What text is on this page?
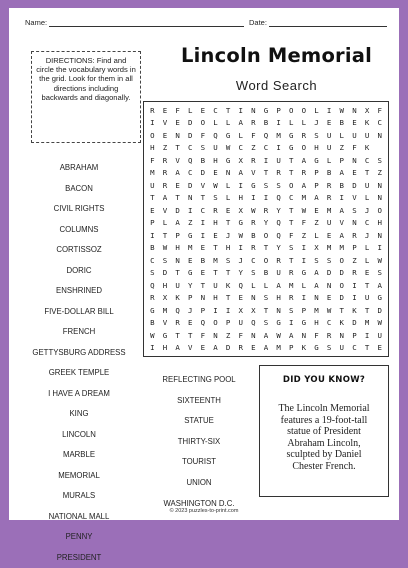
Name:	Date:
DIRECTIONS: Find and circle the vocabulary words in the grid. Look for them in all directions including backwards and diagonally.
Lincoln Memorial
Word Search
R	E	F	L	E	C	T	I	N	G	P	O	O	L	I	W	N	X	F
I	V	E	D	O	L	L	A	R	B	I	L	L	J	E	B	E	K	C
O	E	N	D	F	Q	G	L	F	Q	M	G	R	S	U	L	U	U	N
H	Z	T	C	S	U	W	C	Z	C	I	G	O	H	U	Z	F	K
F	R	V	Q	B	H	G	X	R	I	U	T	A	G	L	P	N	C	S
M	R	A	C	D	E	N	A	V	T	R	T	R	P	B	A	E	T	Z
U	R	E	D	V	W	L	I	G	S	S	O	A	P	R	B	D	U	N
T	A	T	N	T	S	L	H	I	I	Q	C	M	A	R	I	V	L	N
E	V	D	I	C	R	E	X	W	R	Y	T	W	E	M	A	S	J	O
P	L	A	Z	I	H	T	G	R	Y	Q	T	F	Z	U	V	N	C	H
I	T	P	G	I	E	J	W	B	O	Q	F	Z	L	E	A	R	J	N
B	W	H	M	E	T	H	I	R	T	Y	S	I	X	M	M	P	L	I
C	S	N	E	B	M	S	J	C	O	R	T	I	S	S	O	Z	L	W
S	D	T	G	E	T	T	Y	S	B	U	R	G	A	D	D	R	E	S
Q	H	U	Y	T	U	K	Q	L	L	A	M	L	A	N	O	I	T	A
R	X	K	P	N	H	T	E	N	S	H	R	I	N	E	D	I	U	G
G	M	Q	J	P	I	I	X	X	T	N	S	P	M	W	T	K	T	D
B	V	R	E	Q	O	P	U	Q	S	G	I	G	H	C	K	D	M	W
W	G	T	T	F	N	Z	F	N	A	W	A	N	F	R	N	P	I	U
I	H	A	V	E	A	D	R	E	A	M	P	K	G	S	U	C	T	E
ABRAHAM
BACON
CIVIL RIGHTS
COLUMNS
CORTISSOZ
DORIC
ENSHRINED
FIVE-DOLLAR BILL
FRENCH
GETTYSBURG ADDRESS
GREEK TEMPLE
I HAVE A DREAM
KING
LINCOLN
MARBLE
MEMORIAL
MURALS
NATIONAL MALL
PENNY
PRESIDENT
REFLECTING POOL
SIXTEENTH
STATUE
THIRTY-SIX
TOURIST
UNION
WASHINGTON D.C.
DID YOU KNOW?
The Lincoln Memorial features a 19-foot-tall statue of President Abraham Lincoln, sculpted by Daniel Chester French.
© 2023 puzzles-to-print.com
